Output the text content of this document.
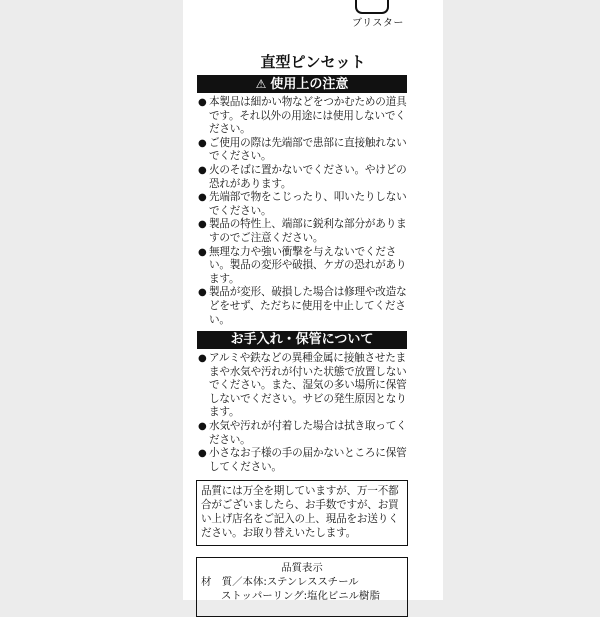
ブリスター
直型ピンセット
⚠ 使用上の注意
● 本製品は細かい物などをつかむための道具です。それ以外の用途には使用しないでください。
● ご使用の際は先端部で患部に直接触れないでください。
● 火のそばに置かないでください。やけどの恐れがあります。
● 先端部で物をこじったり、叩いたりしないでください。
● 製品の特性上、端部に鋭利な部分がありますのでご注意ください。
● 無理な力や強い衝撃を与えないでください。製品の変形や破損、ケガの恐れがあります。
● 製品が変形、破損した場合は修理や改造などをせず、ただちに使用を中止してください。
お手入れ・保管について
● アルミや鉄などの異種金属に接触させたままや水気や汚れが付いた状態で放置しないでください。また、湿気の多い場所に保管しないでください。サビの発生原因となります。
● 水気や汚れが付着した場合は拭き取ってください。
● 小さなお子様の手の届かないところに保管してください。
品質には万全を期していますが、万一不都合がございましたら、お手数ですが、お買い上げ店名をご記入の上、現品をお送りください。お取り替えいたします。
品質表示
材　質／本体:ステンレススチール
ストッパーリング:塩化ビニル樹脂
